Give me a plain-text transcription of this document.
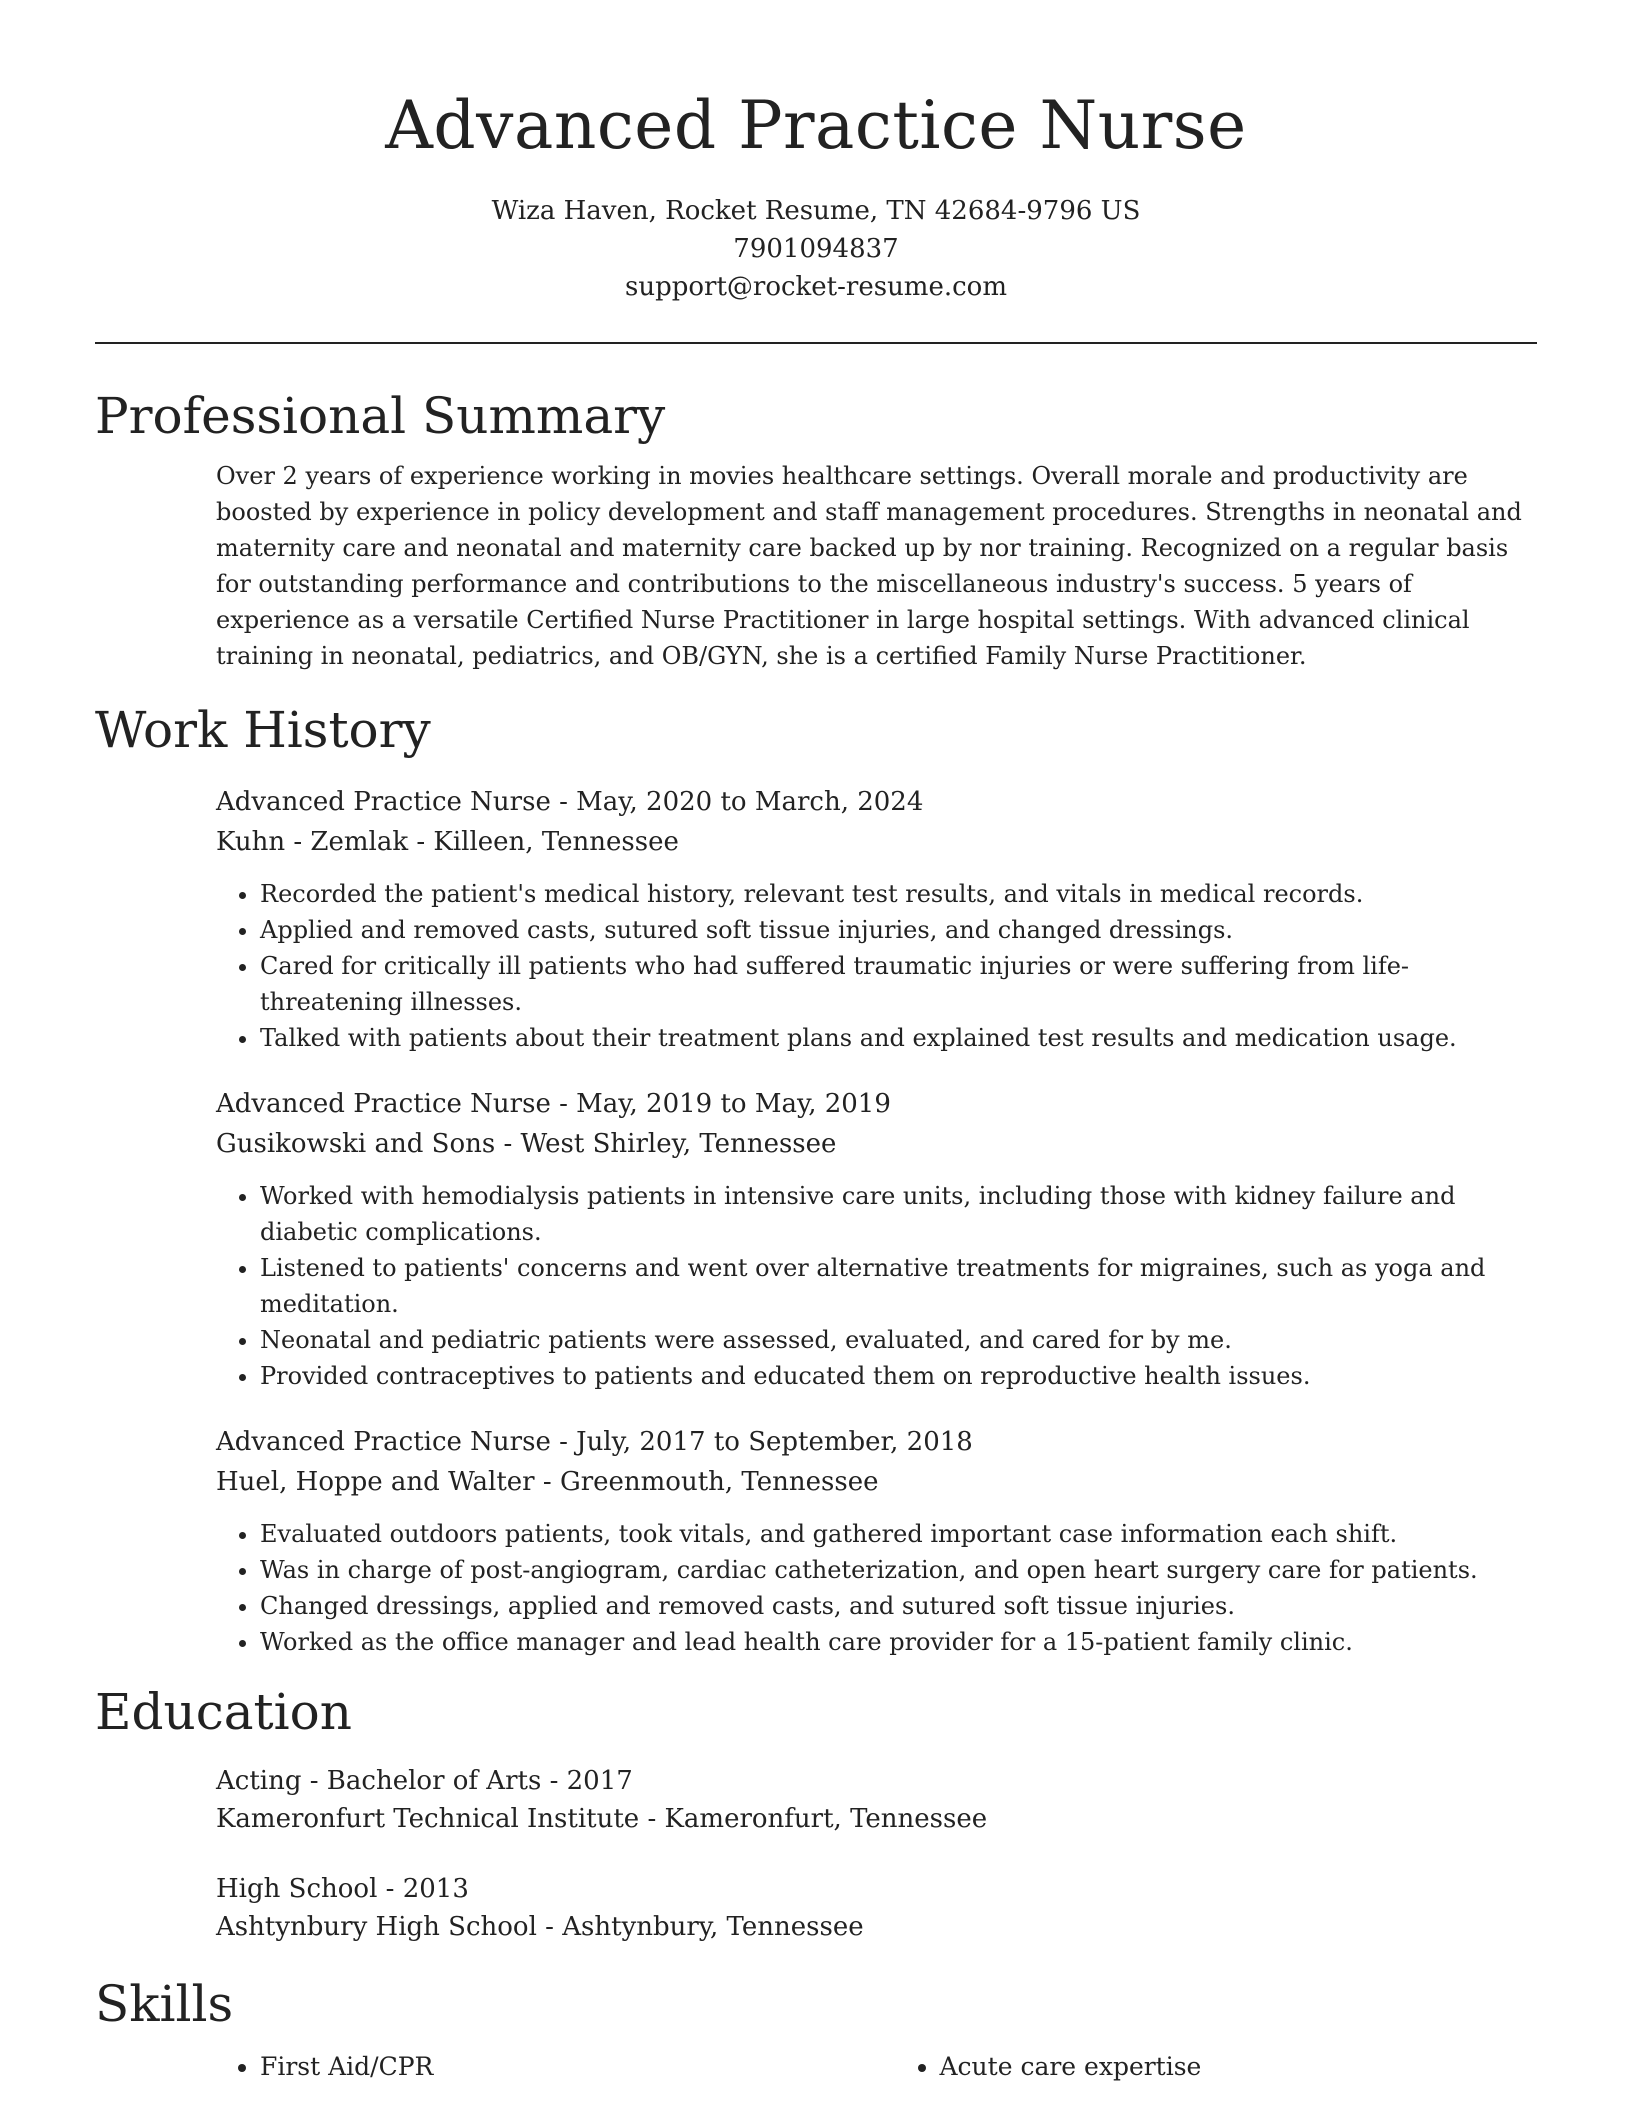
Advanced Practice Nurse
Wiza Haven, Rocket Resume, TN 42684-9796 US
7901094837
support@rocket-resume.com
Professional Summary

Over 2 years of experience working in movies healthcare settings. Overall morale and productivity are boosted by experience in policy development and staff management procedures. Strengths in neonatal and maternity care and neonatal and maternity care backed up by nor training. Recognized on a regular basis for outstanding performance and contributions to the miscellaneous industry's success. 5 years of experience as a versatile Certified Nurse Practitioner in large hospital settings. With advanced clinical training in neonatal, pediatrics, and OB/GYN, she is a certified Family Nurse Practitioner.

Work History
Advanced Practice Nurse - May, 2020 to March, 2024
Kuhn - Zemlak - Killeen, Tennessee
• Recorded the patient's medical history, relevant test results, and vitals in medical records.
• Applied and removed casts, sutured soft tissue injuries, and changed dressings.
• Cared for critically ill patients who had suffered traumatic injuries or were suffering from life-threatening illnesses.
• Talked with patients about their treatment plans and explained test results and medication usage.
Advanced Practice Nurse - May, 2019 to May, 2019
Gusikowski and Sons - West Shirley, Tennessee
• Worked with hemodialysis patients in intensive care units, including those with kidney failure and diabetic complications.
• Listened to patients' concerns and went over alternative treatments for migraines, such as yoga and meditation.
• Neonatal and pediatric patients were assessed, evaluated, and cared for by me.
• Provided contraceptives to patients and educated them on reproductive health issues.
Advanced Practice Nurse - July, 2017 to September, 2018
Huel, Hoppe and Walter - Greenmouth, Tennessee
• Evaluated outdoors patients, took vitals, and gathered important case information each shift.
• Was in charge of post-angiogram, cardiac catheterization, and open heart surgery care for patients.
• Changed dressings, applied and removed casts, and sutured soft tissue injuries.
• Worked as the office manager and lead health care provider for a 15-patient family clinic.
Education
Acting - Bachelor of Arts - 2017
Kameronfurt Technical Institute - Kameronfurt, Tennessee
High School - 2013
Ashtynbury High School - Ashtynbury, Tennessee
Skills
• First Aid/CPR
•	Acute care expertise
